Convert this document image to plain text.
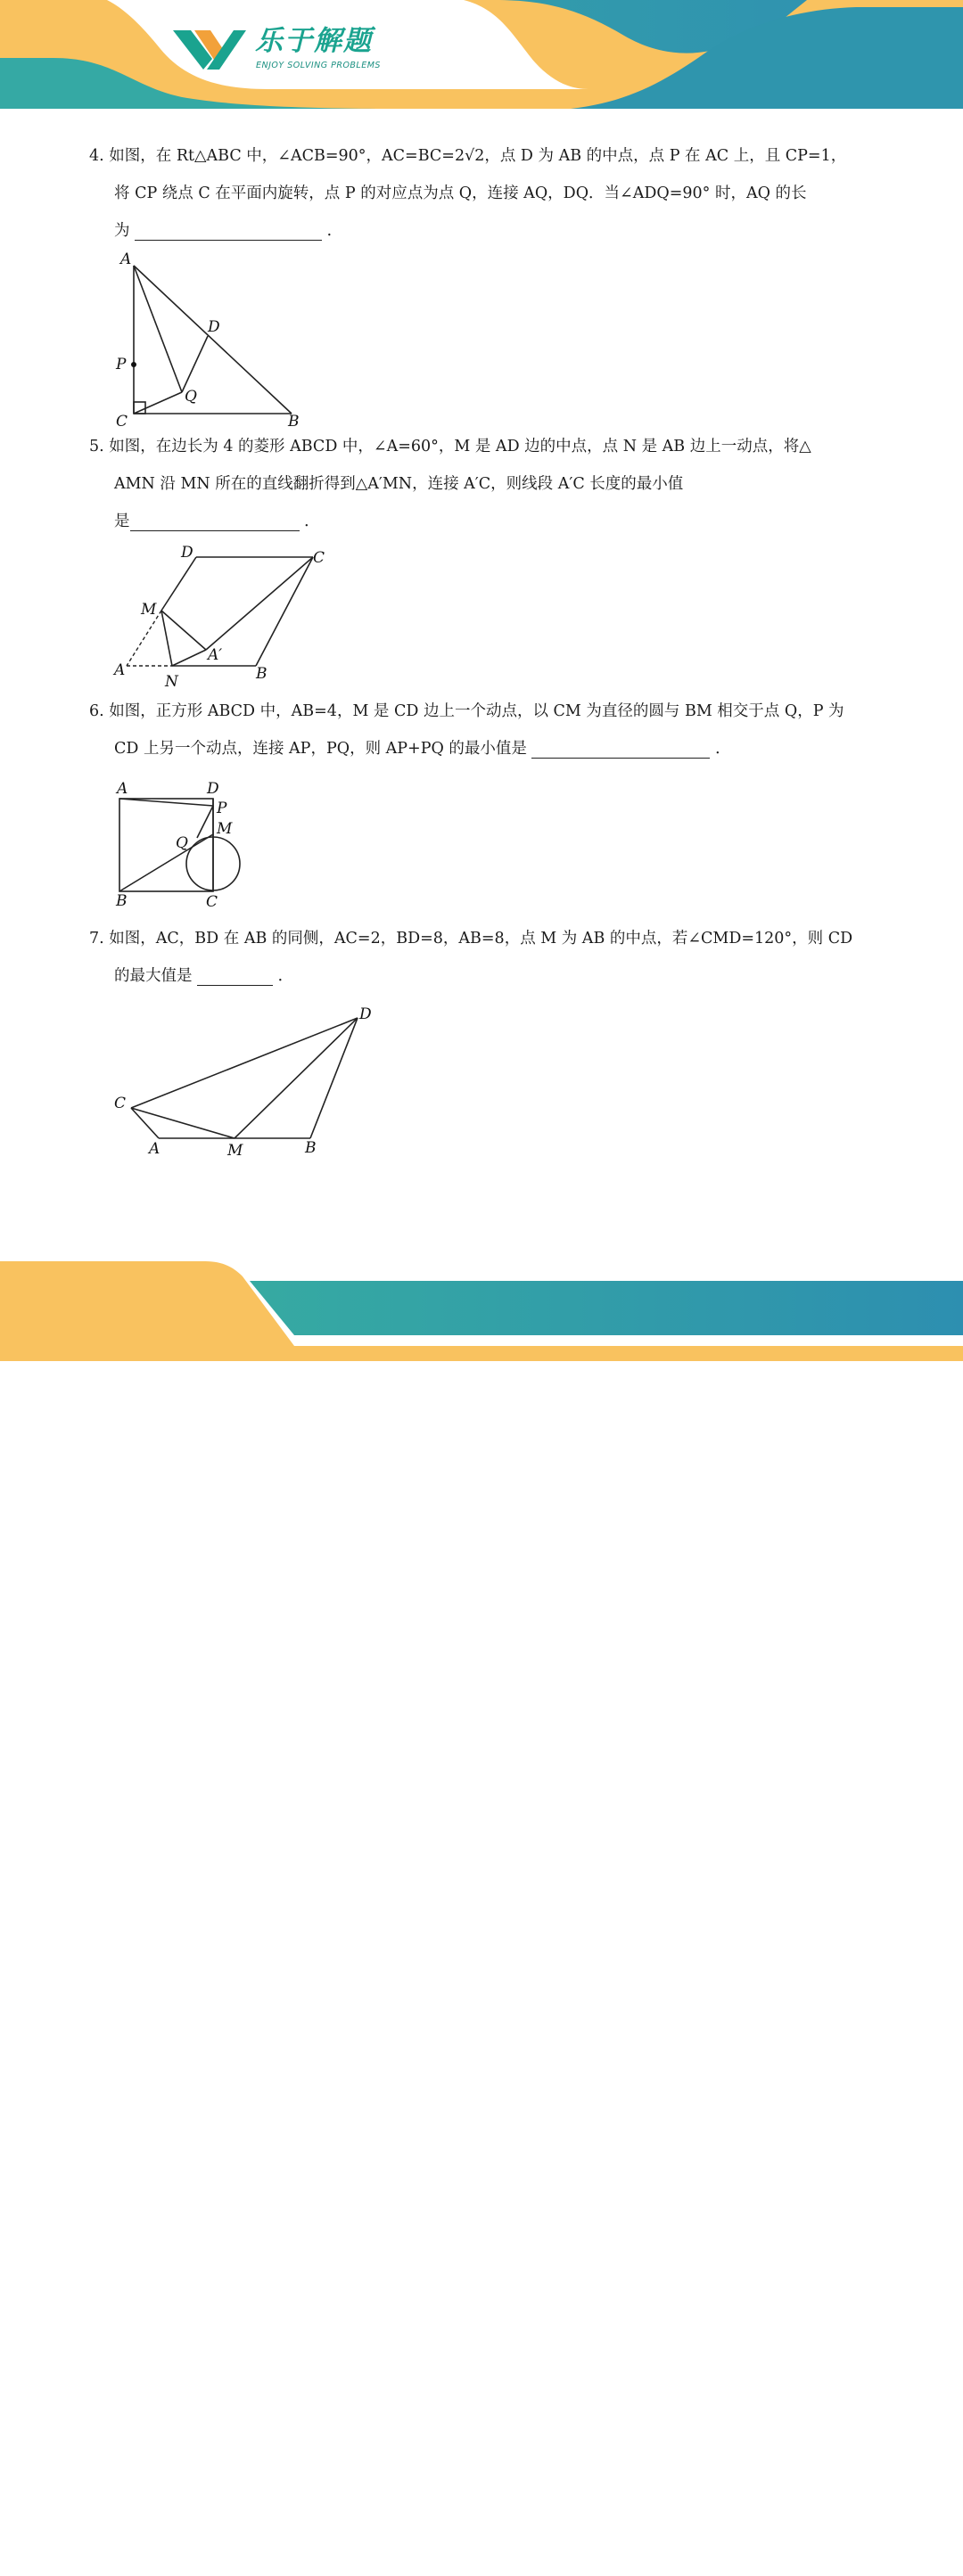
乐于解题
ENJOY SOLVING PROBLEMS
4. 如图，在 Rt△ABC 中，∠ACB=90°，AC=BC=2√2，点 D 为 AB 的中点，点 P 在 AC 上，且 CP=1，
将 CP 绕点 C 在平面内旋转，点 P 的对应点为点 Q，连接 AQ，DQ．当∠ADQ=90° 时，AQ 的长
为	．
A
D
P
Q
C	B
5. 如图，在边长为 4 的菱形 ABCD 中，∠A=60°，M 是 AD 边的中点，点 N 是 AB 边上一动点，将△
AMN 沿 MN 所在的直线翻折得到△A′MN，连接 A′C，则线段 A′C 长度的最小值
是	．
D	C
M
A′
A
N	B
6. 如图，正方形 ABCD 中，AB=4，M 是 CD 边上一个动点，以 CM 为直径的圆与 BM 相交于点 Q，P 为
CD 上另一个动点，连接 AP，PQ，则 AP+PQ 的最小值是	．
A	D
P
M
Q
B	C
7. 如图，AC，BD 在 AB 的同侧，AC=2，BD=8，AB=8，点 M 为 AB 的中点，若∠CMD=120°，则 CD
的最大值是	．
D
C
A	M	B
2	成为更好的自己
